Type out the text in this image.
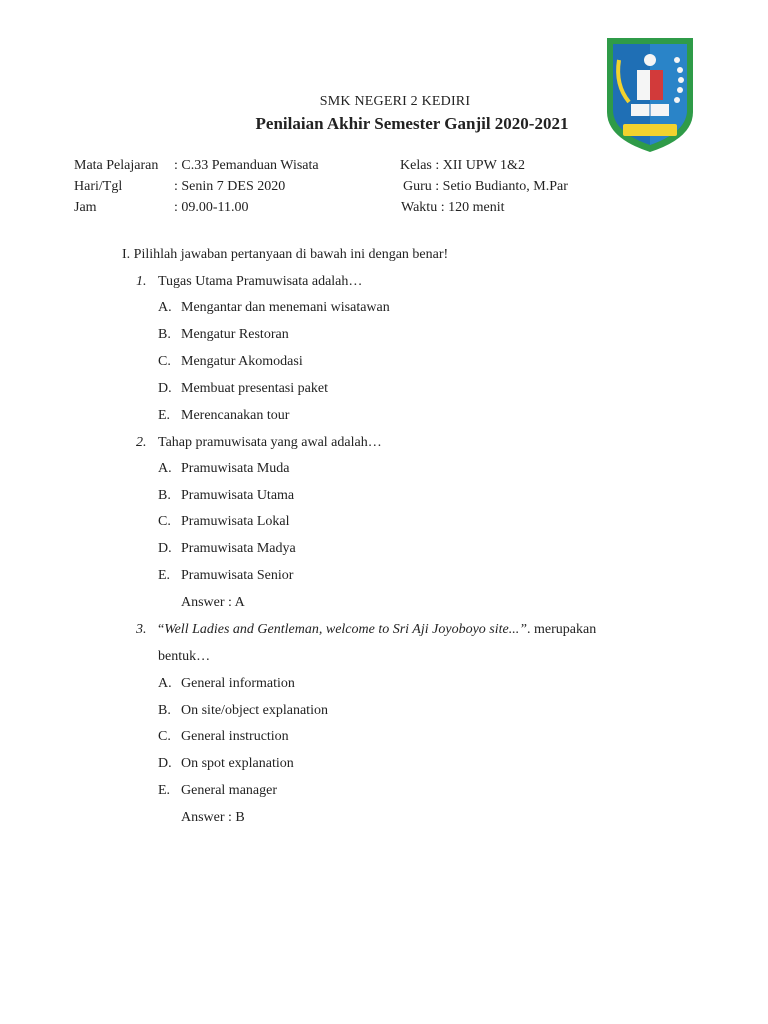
SMK NEGERI 2 KEDIRI
Penilaian Akhir Semester Ganjil 2020-2021
Mata Pelajaran : C.33 Pemanduan Wisata	Kelas : XII UPW 1&2
Hari/Tgl	: Senin 7 DES 2020	Guru : Setio Budianto, M.Par
Jam	: 09.00-11.00	Waktu : 120 menit
I. Pilihlah jawaban pertanyaan di bawah ini dengan benar!
1. Tugas Utama Pramuwisata adalah…
A. Mengantar dan menemani wisatawan
B. Mengatur Restoran
C. Mengatur Akomodasi
D. Membuat presentasi paket
E. Merencanakan tour
2. Tahap pramuwisata yang awal adalah…
A. Pramuwisata Muda
B. Pramuwisata Utama
C. Pramuwisata Lokal
D. Pramuwisata Madya
E. Pramuwisata Senior
Answer : A
3. “Well Ladies and Gentleman, welcome to Sri Aji Joyoboyo site...”. merupakan
bentuk…
A. General information
B. On site/object explanation
C. General instruction
D. On spot explanation
E. General manager
Answer : B
